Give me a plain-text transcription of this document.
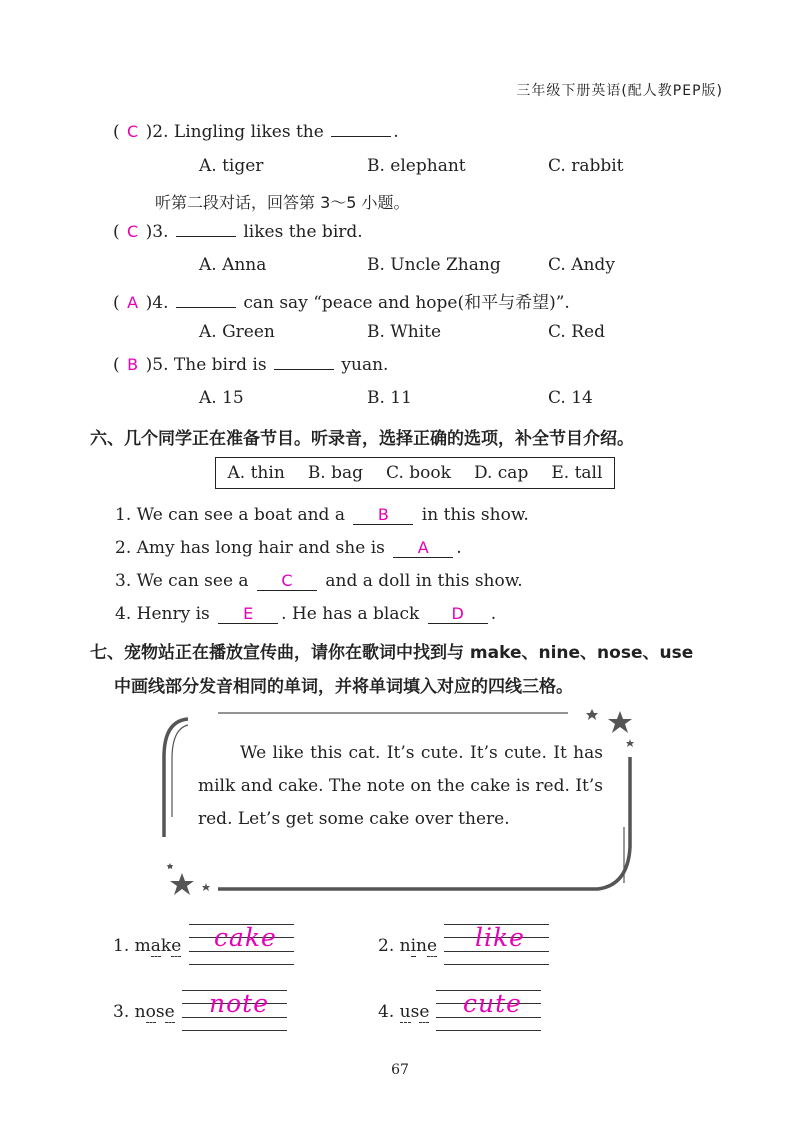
三年级下册英语(配人教PEP版)
( C )2. Lingling likes the	.
A. tiger	B. elephant	C. rabbit
听第二段对话，回答第 3～5 小题。
( C )3.	likes the bird.
A. Anna	B. Uncle Zhang	C. Andy
( A )4.	can say “peace and hope(和平与希望)”.
A. Green	B. White	C. Red
( B )5. The bird is	yuan.
A. 15	B. 11	C. 14
六、几个同学正在准备节目。听录音，选择正确的选项，补全节目介绍。
A. thin B. bag C. book D. cap E. tall
1. We can see a boat and a B in this show.
2. Amy has long hair and she is A .
3. We can see a C and a doll in this show.
4. Henry is E . He has a black D .
七、宠物站正在播放宣传曲，请你在歌词中找到与 make、nine、nose、use
中画线部分发音相同的单词，并将单词填入对应的四线三格。
We like this cat. It’s cute. It’s cute. It has milk and cake. The note on the cake is red. It’s red. Let’s get some cake over there.
1. make cake	2. nine like
3. nose note	4. use cute
67
